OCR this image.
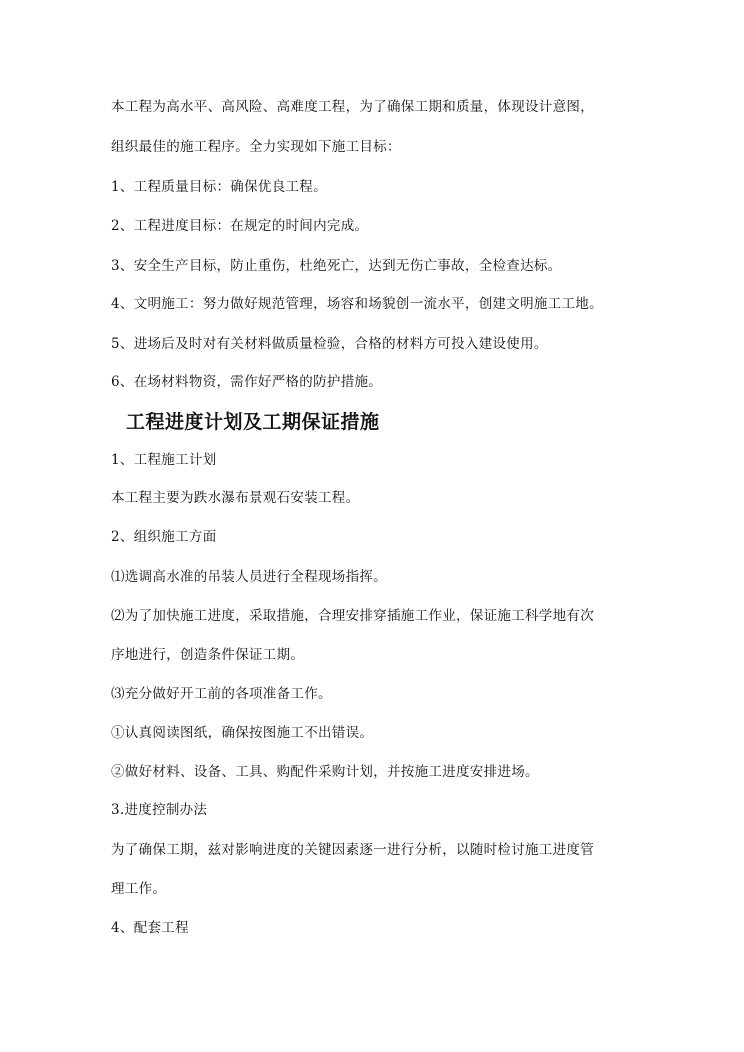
本工程为高水平、高风险、高难度工程，为了确保工期和质量，体现设计意图，
组织最佳的施工程序。全力实现如下施工目标：
1、工程质量目标：确保优良工程。
2、工程进度目标：在规定的时间内完成。
3、安全生产目标，防止重伤，杜绝死亡，达到无伤亡事故，全检查达标。
4、文明施工：努力做好规范管理，场容和场貌创一流水平，创建文明施工工地。
5、进场后及时对有关材料做质量检验，合格的材料方可投入建设使用。
6、在场材料物资，需作好严格的防护措施。
工程进度计划及工期保证措施
1、工程施工计划
本工程主要为跌水瀑布景观石安装工程。
2、组织施工方面
⑴选调高水准的吊装人员进行全程现场指挥。
⑵为了加快施工进度，采取措施，合理安排穿插施工作业，保证施工科学地有次
序地进行，创造条件保证工期。
⑶充分做好开工前的各项准备工作。
①认真阅读图纸，确保按图施工不出错误。
②做好材料、设备、工具、购配件采购计划，并按施工进度安排进场。
3.进度控制办法
为了确保工期，兹对影响进度的关键因素逐一进行分析，以随时检讨施工进度管
理工作。
4、配套工程
